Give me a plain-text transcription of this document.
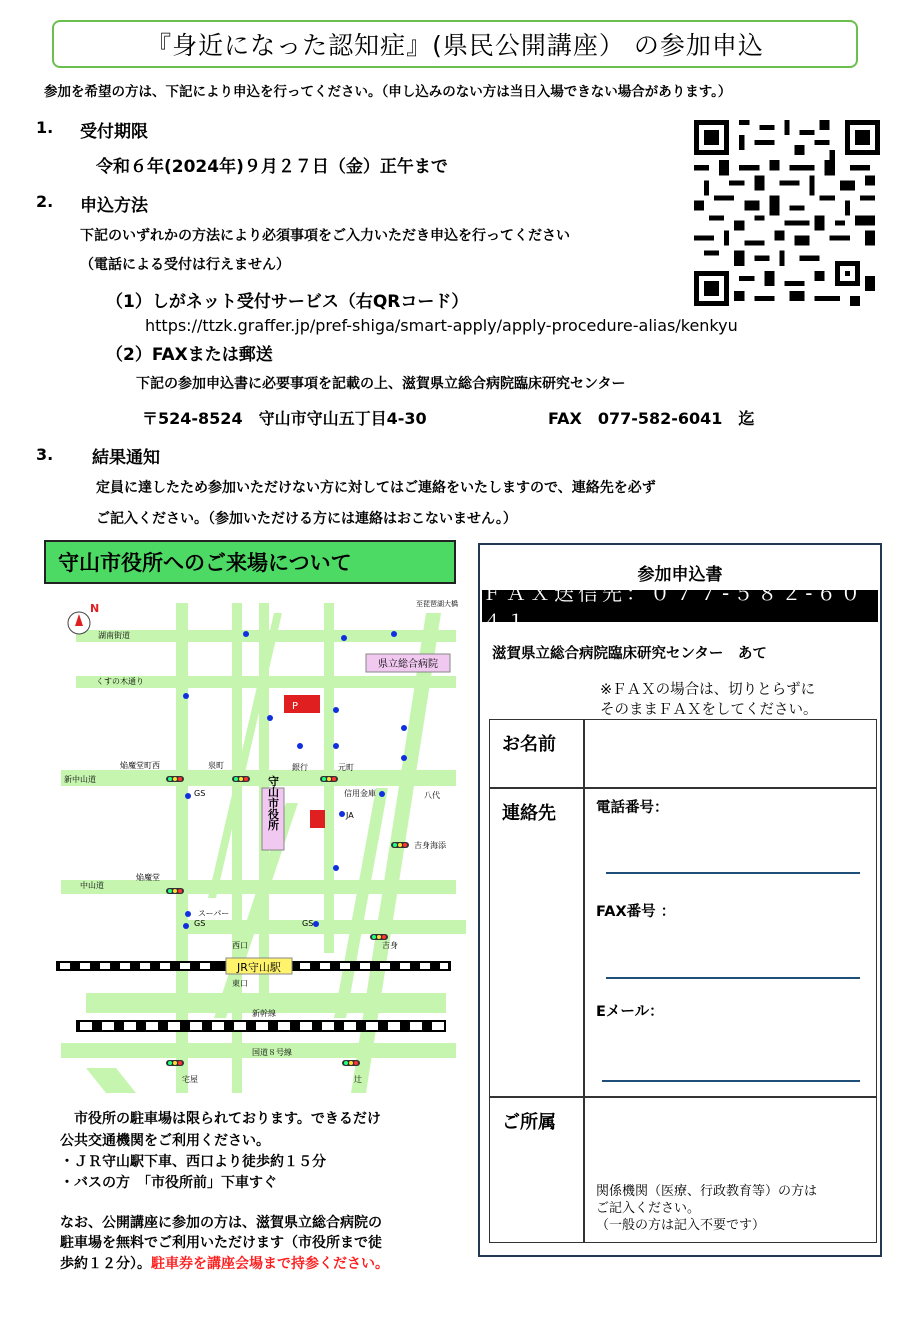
『身近になった認知症』(県民公開講座） の参加申込
参加を希望の方は、下記により申込を行ってください。（申し込みのない方は当日入場できない場合があります。）
1. 受付期限
令和６年(2024年)９月２７日（金）正午まで
2. 申込方法
下記のいずれかの方法により必須事項をご入力いただき申込を行ってください
（電話による受付は行えません）
（1）しがネット受付サービス（右QRコード）
https://ttzk.graffer.jp/pref-shiga/smart-apply/apply-procedure-alias/kenkyu
（2）FAXまたは郵送
下記の参加申込書に必要事項を記載の上、滋賀県立総合病院臨床研究センター
〒524-8524　守山市守山五丁目4-30	FAX　077-582-6041　迄
3. 結果通知
定員に達したため参加いただけない方に対してはご連絡をいたしますので、連絡先を必ず
ご記入ください。（参加いただける方には連絡はおこないません。）
守山市役所へのご来場について
JR守山駅
P
守山市役所
県立総合病院
N
湖南街道
くすの木通り
新中山道
中山道
焔魔堂町西	泉町	元町
八代
吉身海添
焔魔堂
吉身
西口
東口
新幹線
国道８号線
宅屋	辻
銀行
信用金庫
JA
スーパー
GS
GS	GS
至琵琶湖大橋
　市役所の駐車場は限られております。できるだけ
公共交通機関をご利用ください。
・ＪＲ守山駅下車、西口より徒歩約１５分
・バスの方　「市役所前」下車すぐ
なお、公開講座に参加の方は、滋賀県立総合病院の
駐車場を無料でご利用いただけます（市役所まで徒
歩約１２分）。駐車券を講座会場まで持参ください。
参加申込書
ＦＡＸ送信先：０７７-５８２-６０４１
滋賀県立総合病院臨床研究センター　あて
※ＦＡＸの場合は、切りとらずに
そのままＦＡＸをしてください。
お名前
連絡先	電話番号：
FAX番号 ：
Eメール：
ご所属
関係機関（医療、行政教育等）の方は
ご記入ください。
（一般の方は記入不要です）
